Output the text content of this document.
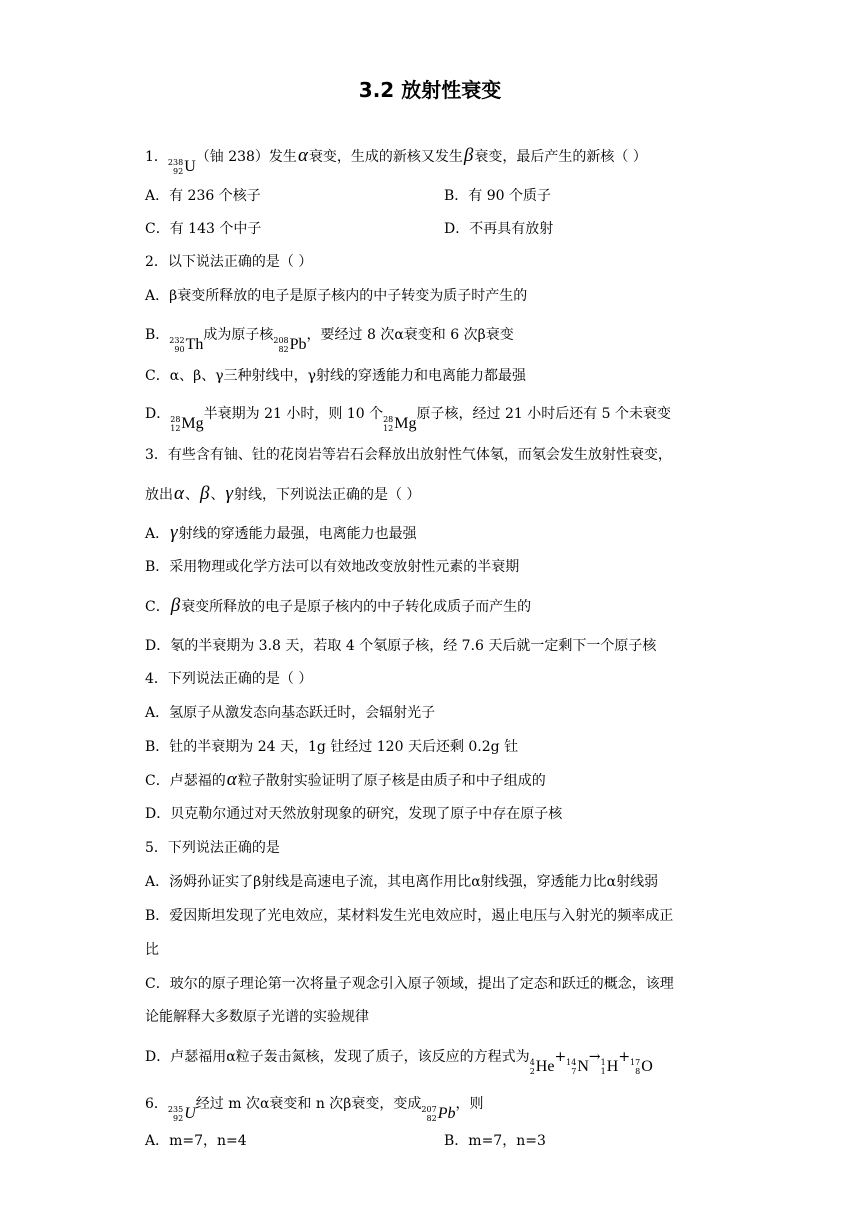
3.2 放射性衰变
1． 238
92 U
（铀 238）发生α衰变，生成的新核又发生β衰变，最后产生的新核（ ）
A．有 236 个核子	B．有 90 个质子
C．有 143 个中子	D．不再具有放射
2．以下说法正确的是（ ）
A．β衰变所释放的电子是原子核内的中子转变为质子时产生的
B． 232
90 Th
成为原子核 208
82 Pb
，要经过 8 次α衰变和 6 次β衰变
C．α、β、γ三种射线中，γ射线的穿透能力和电离能力都最强
D． 28
12 Mg
半衰期为 21 小时，则 10 个 28
12 Mg
原子核，经过 21 小时后还有 5 个未衰变
3．有些含有铀、钍的花岗岩等岩石会释放出放射性气体氡，而氡会发生放射性衰变，
放出α、β、γ射线，下列说法正确的是（ ）
A．γ射线的穿透能力最强，电离能力也最强
B．采用物理或化学方法可以有效地改变放射性元素的半衰期
C．β衰变所释放的电子是原子核内的中子转化成质子而产生的
D．氡的半衰期为 3.8 天，若取 4 个氡原子核，经 7.6 天后就一定剩下一个原子核
4．下列说法正确的是（ ）
A．氢原子从激发态向基态跃迁时，会辐射光子
B．钍的半衰期为 24 天，1g 钍经过 120 天后还剩 0.2g 钍
C．卢瑟福的α粒子散射实验证明了原子核是由质子和中子组成的
D．贝克勒尔通过对天然放射现象的研究，发现了原子中存在原子核
5．下列说法正确的是
A．汤姆孙证实了β射线是高速电子流，其电离作用比α射线强，穿透能力比α射线弱
B．爱因斯坦发现了光电效应，某材料发生光电效应时，遏止电压与入射光的频率成正
比
C．玻尔的原子理论第一次将量子观念引入原子领域，提出了定态和跃迁的概念，该理
论能解释大多数原子光谱的实验规律
D．卢瑟福用α粒子轰击氮核，发现了质子，该反应的方程式为 4
2 He
+ 14
7 N
→ 1
1 H
+ 17
8 O
6． 235
92 U
经过 m 次α衰变和 n 次β衰变，变成 207
82 Pb
，则
A．m=7，n=4	B．m=7，n=3
